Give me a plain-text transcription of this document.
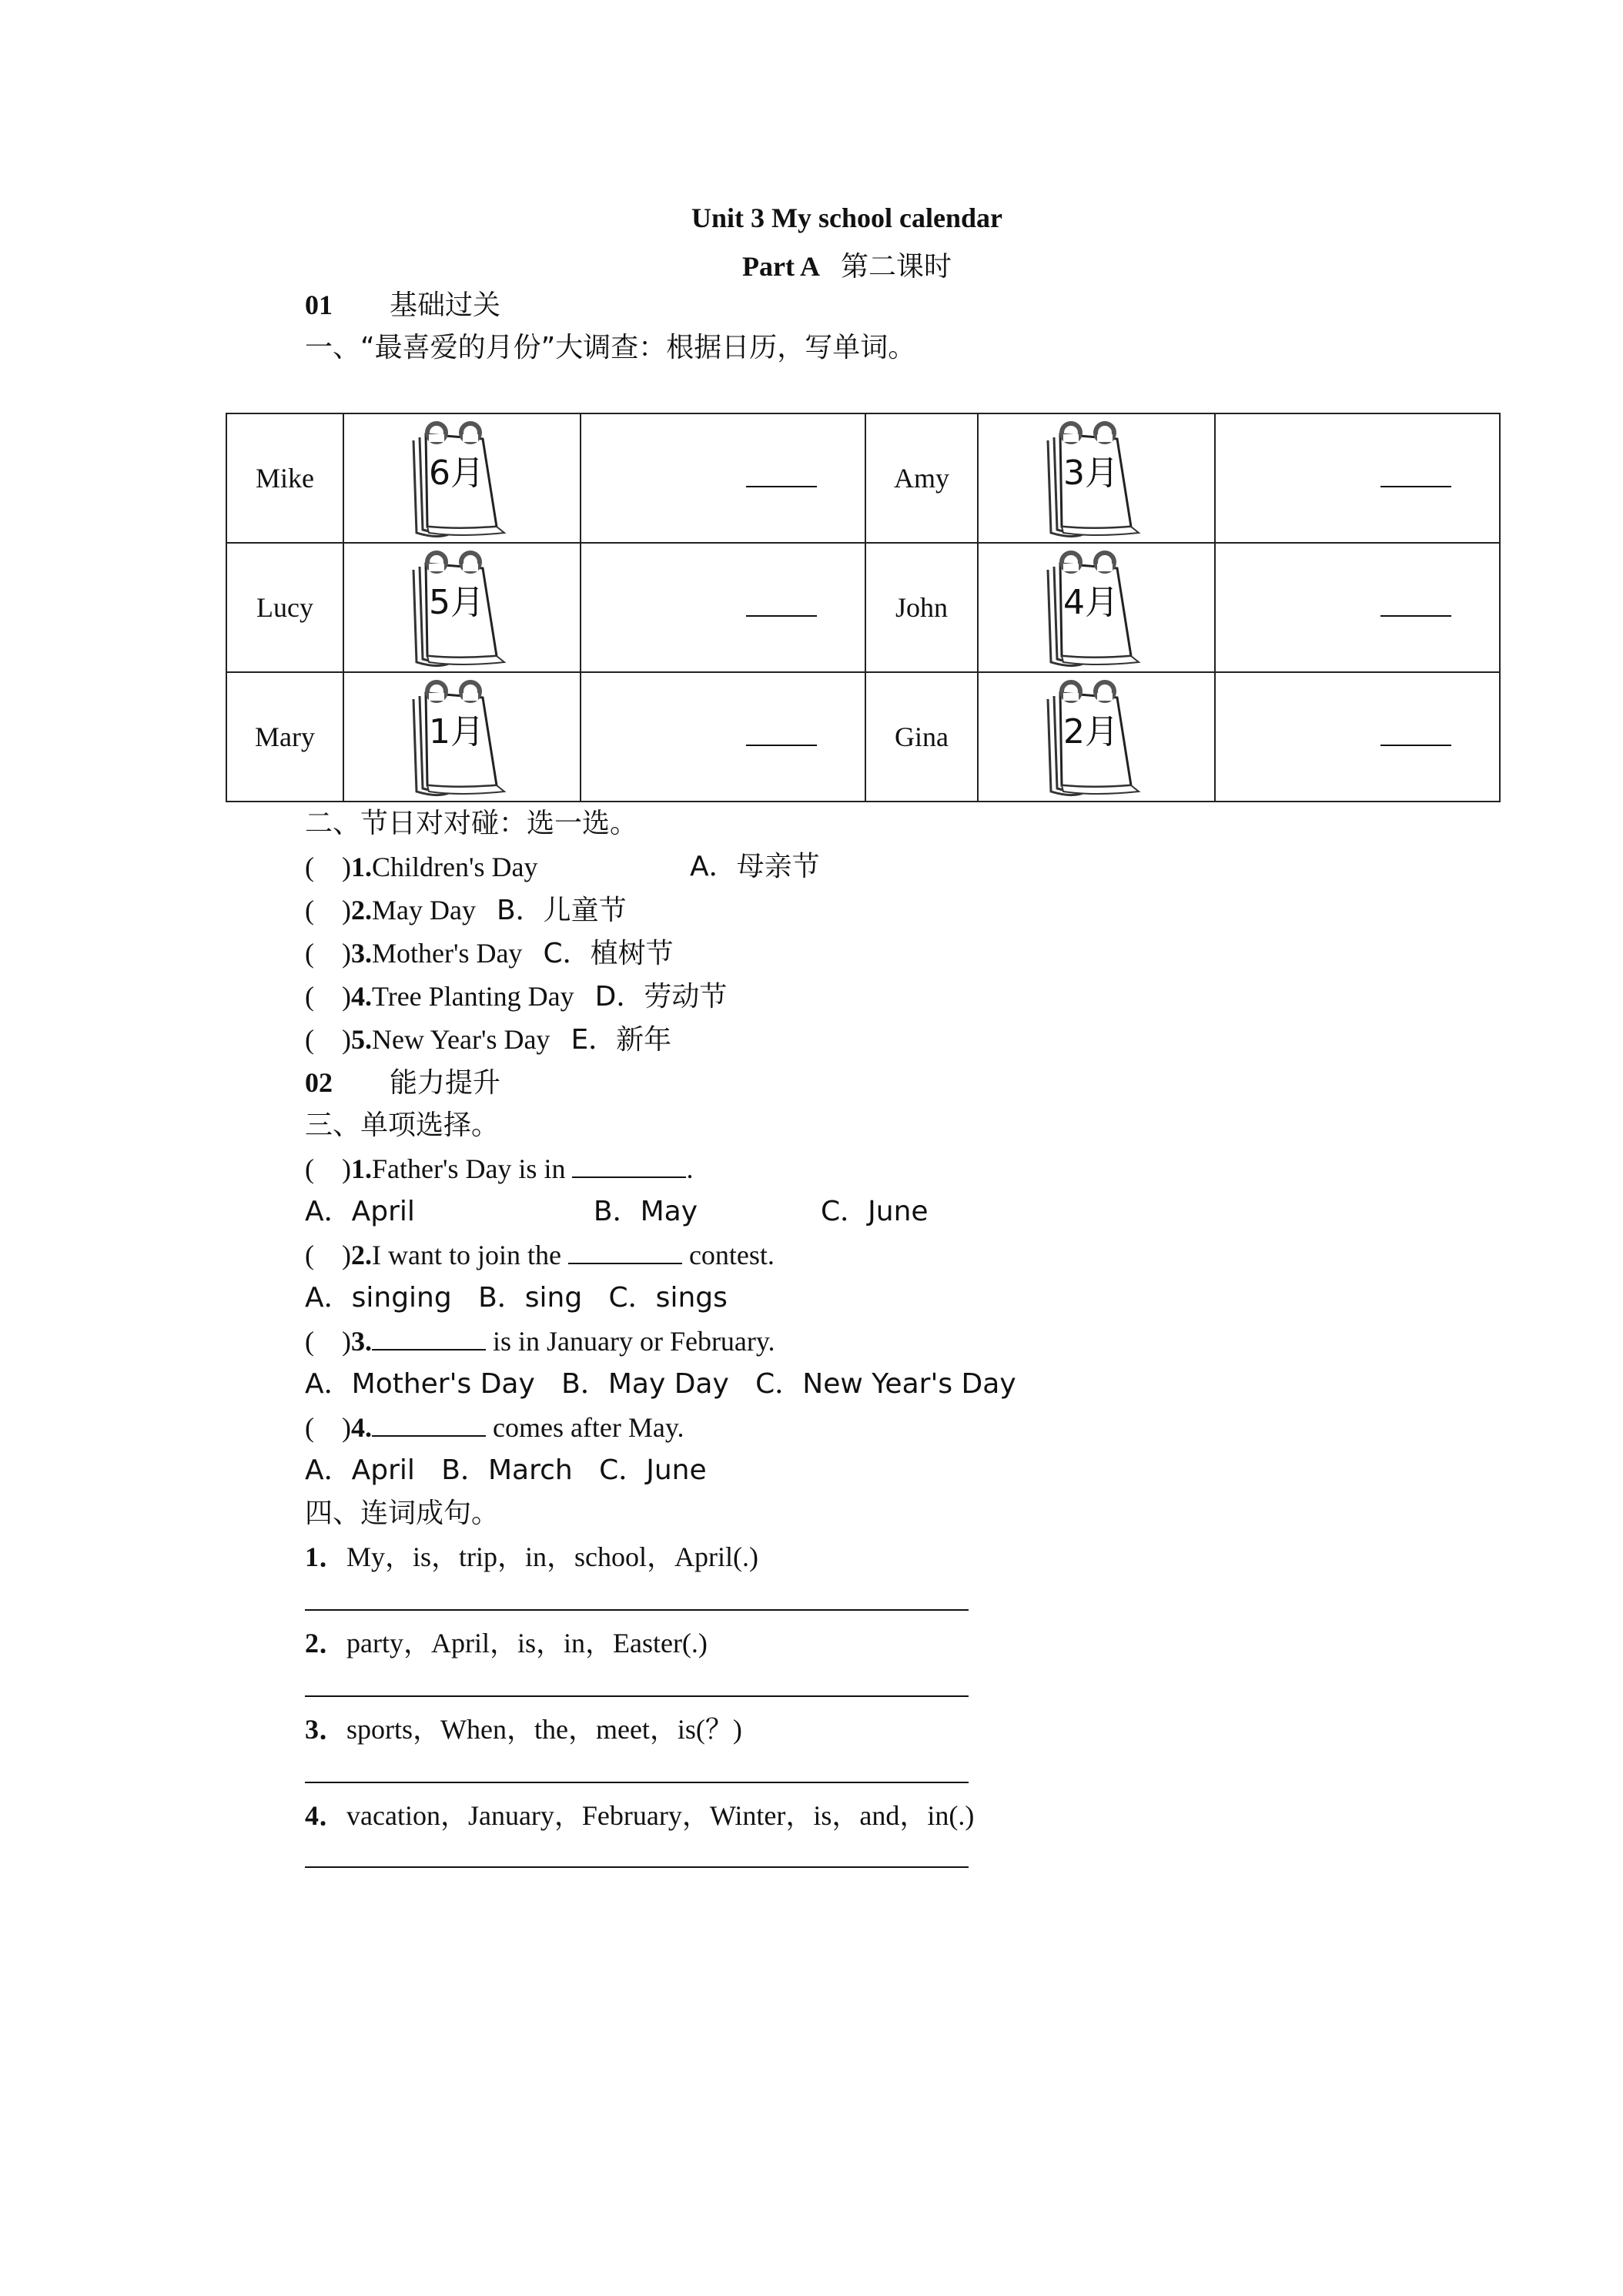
Unit 3 My school calendar
Part A 第二课时
01 基础过关
一、“最喜爱的月份”大调查：根据日历，写单词。
Mike	6月		Amy	3月	

Lucy	5月		John	4月	

Mary	1月		Gina	2月	

二、节日对对碰：选一选。
(　)1.Children's Day	A．母亲节
(　)2.May Day B．儿童节
(　)3.Mother's Day C．植树节
(　)4.Tree Planting Day D．劳动节
(　)5.New Year's Day E．新年
02 能力提升
三、单项选择。
(　)1.Father's Day is in	.
A．April	B．May	C．June
(　)2.I want to join the	contest.
A．singing B．sing C．sings
(　)3.	is in January or February.
A．Mother's Day B．May Day C．New Year's Day
(　)4.	comes after May.
A．April B．March C．June
四、连词成句。
1．My，is，trip，in，school，April(.)
2．party，April，is，in，Easter(.)
3．sports，When，the，meet，is(？)
4．vacation，January，February，Winter，is，and，in(.)
